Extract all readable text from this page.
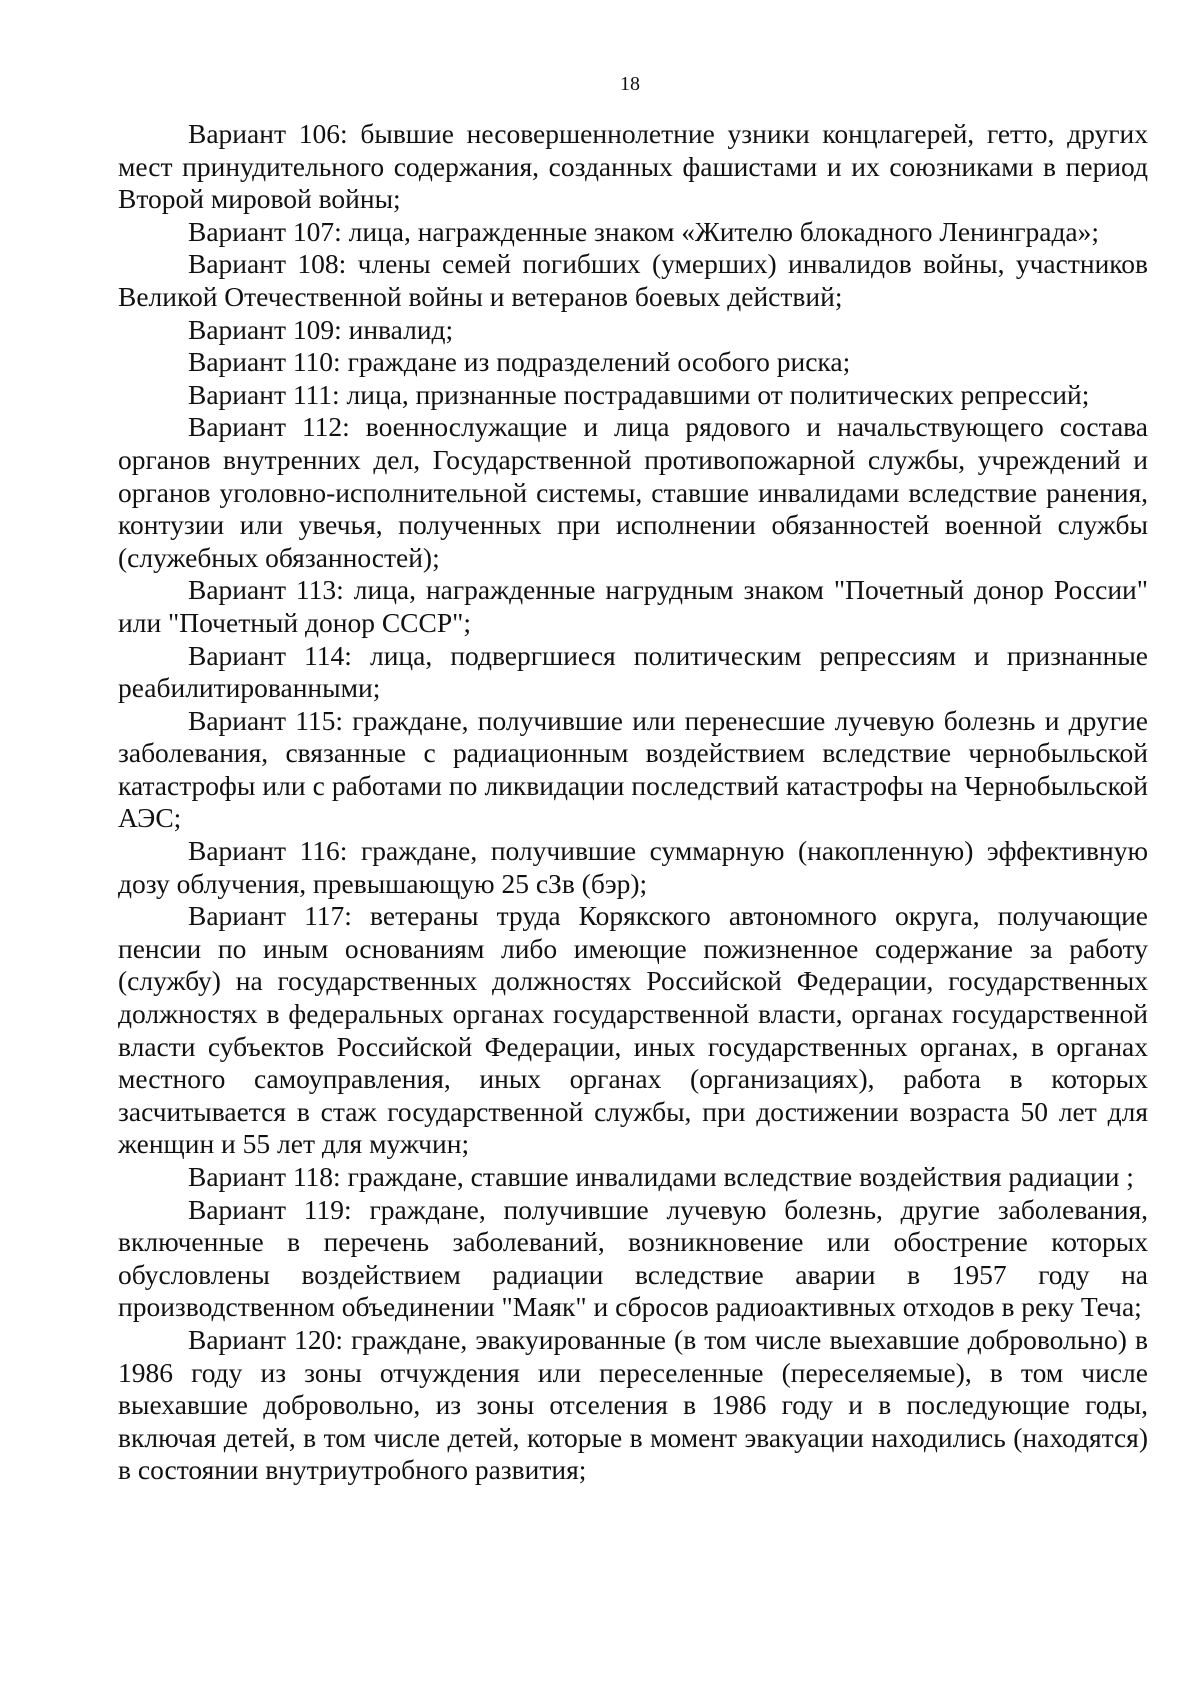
18

Вариант 106: бывшие несовершеннолетние узники концлагерей, гетто, других мест принудительного содержания, созданных фашистами и их союзниками в период Второй мировой войны;

Вариант 107: лица, награжденные знаком «Жителю блокадного Ленинграда»;

Вариант 108: члены семей погибших (умерших) инвалидов войны, участников Великой Отечественной войны и ветеранов боевых действий;

Вариант 109: инвалид;

Вариант 110: граждане из подразделений особого риска;

Вариант 111: лица, признанные пострадавшими от политических репрессий;

Вариант 112: военнослужащие и лица рядового и начальствующего состава органов внутренних дел, Государственной противопожарной службы, учреждений и органов уголовно-исполнительной системы, ставшие инвалидами вследствие ранения, контузии или увечья, полученных при исполнении обязанностей военной службы (служебных обязанностей);

Вариант 113: лица, награжденные нагрудным знаком "Почетный донор России" или "Почетный донор СССР";

Вариант 114: лица, подвергшиеся политическим репрессиям и признанные реабилитированными;

Вариант 115: граждане, получившие или перенесшие лучевую болезнь и другие заболевания, связанные с радиационным воздействием вследствие чернобыльской катастрофы или с работами по ликвидации последствий катастрофы на Чернобыльской АЭС;

Вариант 116: граждане, получившие суммарную (накопленную) эффективную дозу облучения, превышающую 25 сЗв (бэр);

Вариант 117: ветераны труда Корякского автономного округа, получающие пенсии по иным основаниям либо имеющие пожизненное содержание за работу (службу) на государственных должностях Российской Федерации, государственных должностях в федеральных органах государственной власти, органах государственной власти субъектов Российской Федерации, иных государственных органах, в органах местного самоуправления, иных органах (организациях), работа в которых засчитывается в стаж государственной службы, при достижении возраста 50 лет для женщин и 55 лет для мужчин;

Вариант 118: граждане, ставшие инвалидами вследствие воздействия радиации ;

Вариант 119: граждане, получившие лучевую болезнь, другие заболевания, включенные в перечень заболеваний, возникновение или обострение которых обусловлены воздействием радиации вследствие аварии в 1957 году на производственном объединении "Маяк" и сбросов радиоактивных отходов в реку Теча;

Вариант 120: граждане, эвакуированные (в том числе выехавшие добровольно) в 1986 году из зоны отчуждения или переселенные (переселяемые), в том числе выехавшие добровольно, из зоны отселения в 1986 году и в последующие годы, включая детей, в том числе детей, которые в момент эвакуации находились (находятся) в состоянии внутриутробного развития;
